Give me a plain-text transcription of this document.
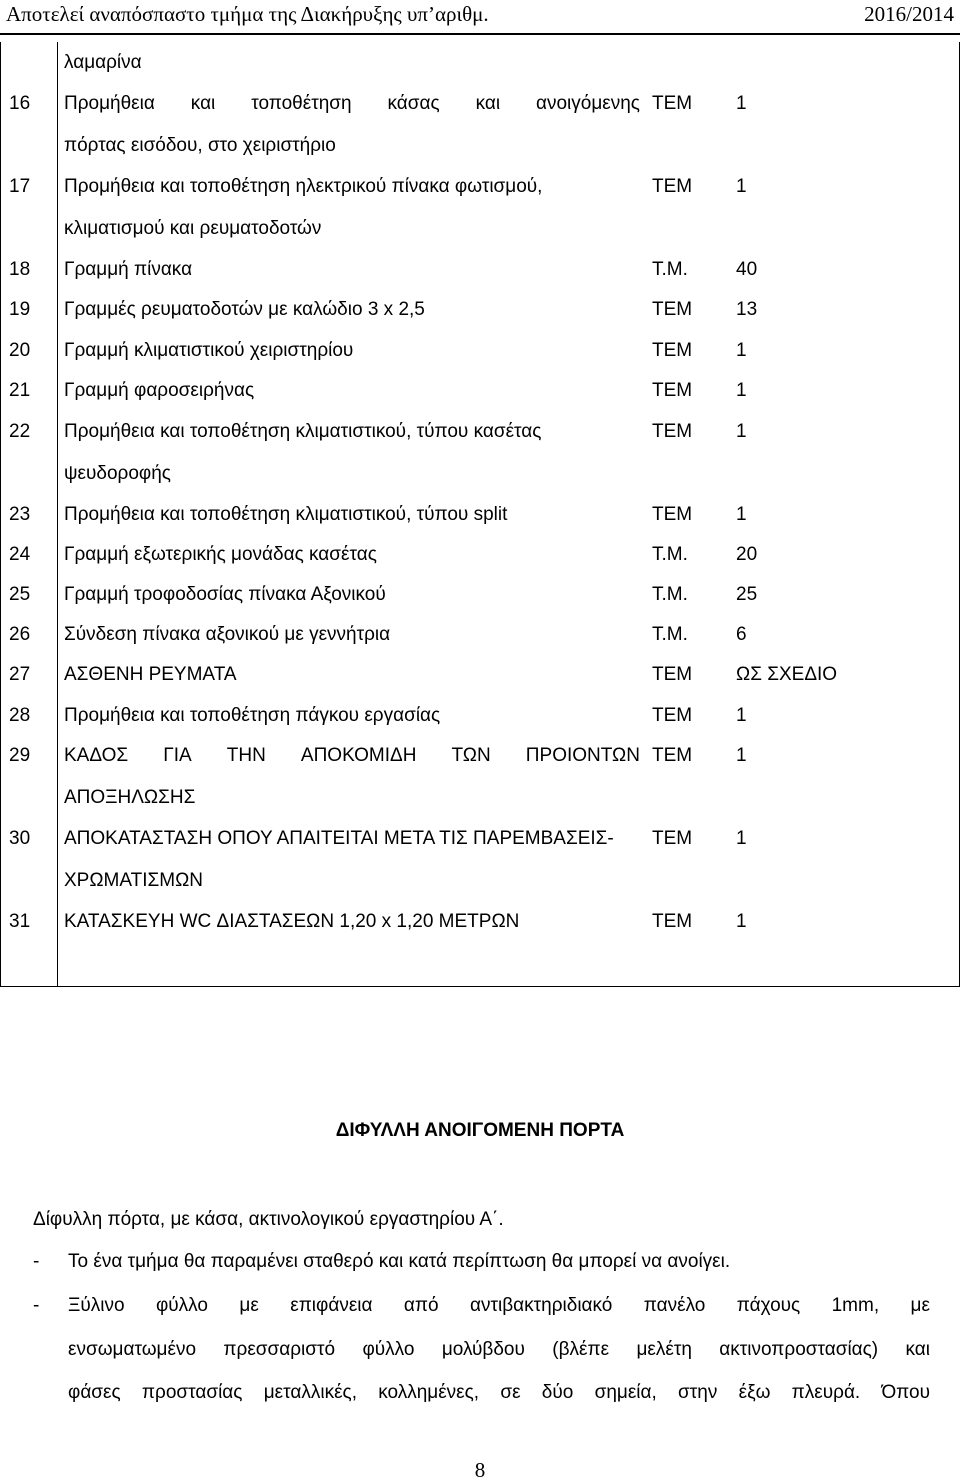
Αποτελεί αναπόσπαστο τμήμα της Διακήρυξης υπ’αριθμ.	2016/2014
λαμαρίνα
16 Προμήθεια και τοποθέτηση κάσας και ανοιγόμενης ΤΕΜ 1
πόρτας εισόδου, στο χειριστήριο
17 Προμήθεια και τοποθέτηση ηλεκτρικού πίνακα φωτισμού,	ΤΕΜ 1
κλιματισμού και ρευματοδοτών
18 Γραμμή πίνακα	Τ.Μ.	40
19 Γραμμές ρευματοδοτών με καλώδιο 3 x 2,5	ΤΕΜ 13
20 Γραμμή κλιματιστικού χειριστηρίου	ΤΕΜ 1
21 Γραμμή φαροσειρήνας	ΤΕΜ 1
22 Προμήθεια και τοποθέτηση κλιματιστικού, τύπου κασέτας	ΤΕΜ 1
ψευδοροφής
23 Προμήθεια και τοποθέτηση κλιματιστικού, τύπου split	ΤΕΜ 1
24 Γραμμή εξωτερικής μονάδας κασέτας	Τ.Μ.	20
25 Γραμμή τροφοδοσίας πίνακα Αξονικού	Τ.Μ.	25
26 Σύνδεση πίνακα αξονικού με γεννήτρια	Τ.Μ.	6
27 ΑΣΘΕΝΗ ΡΕΥΜΑΤΑ	ΤΕΜ ΩΣ ΣΧΕΔΙΟ
28 Προμήθεια και τοποθέτηση πάγκου εργασίας	ΤΕΜ 1
29 ΚΑΔΟΣ ΓΙΑ ΤΗΝ ΑΠΟΚΟΜΙΔΗ ΤΩΝ ΠΡΟΙΟΝΤΩΝ ΤΕΜ 1
ΑΠΟΞΗΛΩΣΗΣ
30 ΑΠΟΚΑΤΑΣΤΑΣΗ ΟΠΟΥ ΑΠΑΙΤΕΙΤΑΙ ΜΕΤΑ ΤΙΣ ΠΑΡΕΜΒΑΣΕΙΣ- ΤΕΜ 1
ΧΡΩΜΑΤΙΣΜΩΝ
31 ΚΑΤΑΣΚΕΥΗ WC ΔΙΑΣΤΑΣΕΩΝ 1,20 x 1,20 ΜΕΤΡΩΝ	ΤΕΜ 1
ΔΙΦΥΛΛΗ ΑΝΟΙΓΟΜΕΝΗ ΠΟΡΤΑ
Δίφυλλη πόρτα, με κάσα, ακτινολογικού εργαστηρίου Α΄.
- Το ένα τμήμα θα παραμένει σταθερό και κατά περίπτωση θα μπορεί να ανοίγει.
- Ξύλινο φύλλο με επιφάνεια από αντιβακτηριδιακό πανέλο πάχους 1mm, με
ενσωματωμένο πρεσσαριστό φύλλο μολύβδου (βλέπε μελέτη ακτινοπροστασίας) και
φάσες προστασίας μεταλλικές, κολλημένες, σε δύο σημεία, στην έξω πλευρά. Όπου
8
